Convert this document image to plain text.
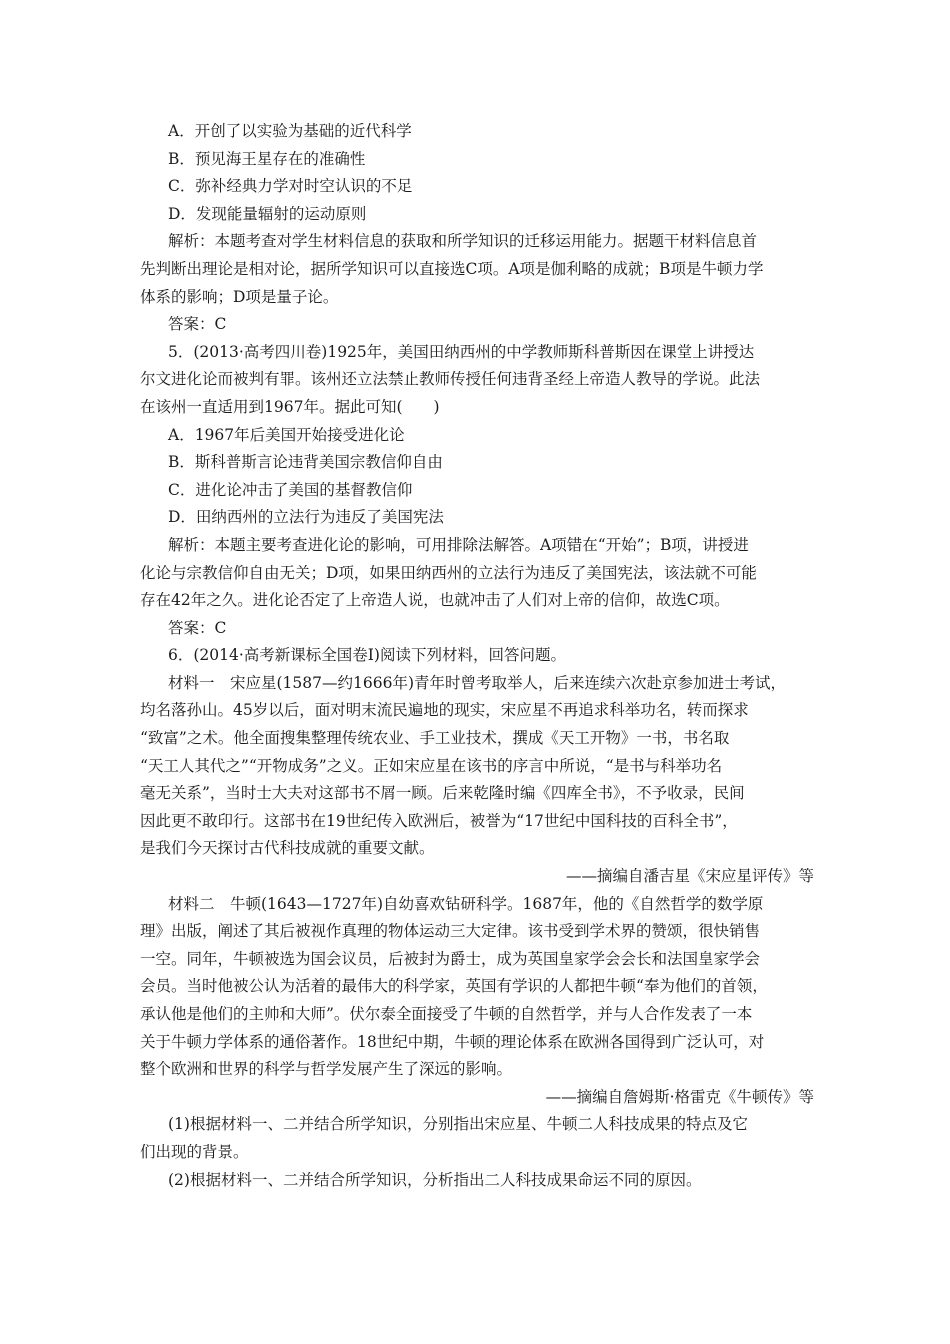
A．开创了以实验为基础的近代科学
B．预见海王星存在的准确性
C．弥补经典力学对时空认识的不足
D．发现能量辐射的运动原则
解析：本题考查对学生材料信息的获取和所学知识的迁移运用能力。据题干材料信息首
先判断出理论是相对论，据所学知识可以直接选C项。A项是伽利略的成就；B项是牛顿力学
体系的影响；D项是量子论。
答案：C
5．(2013·高考四川卷)1925年，美国田纳西州的中学教师斯科普斯因在课堂上讲授达
尔文进化论而被判有罪。该州还立法禁止教师传授任何违背圣经上帝造人教导的学说。此法
在该州一直适用到1967年。据此可知(　　)
A．1967年后美国开始接受进化论
B．斯科普斯言论违背美国宗教信仰自由
C．进化论冲击了美国的基督教信仰
D．田纳西州的立法行为违反了美国宪法
解析：本题主要考查进化论的影响，可用排除法解答。A项错在“开始”；B项，讲授进
化论与宗教信仰自由无关；D项，如果田纳西州的立法行为违反了美国宪法，该法就不可能
存在42年之久。进化论否定了上帝造人说，也就冲击了人们对上帝的信仰，故选C项。
答案：C
6．(2014·高考新课标全国卷Ⅰ)阅读下列材料，回答问题。
材料一　宋应星(1587—约1666年)青年时曾考取举人，后来连续六次赴京参加进士考试，
均名落孙山。45岁以后，面对明末流民遍地的现实，宋应星不再追求科举功名，转而探求
“致富”之术。他全面搜集整理传统农业、手工业技术，撰成《天工开物》一书，书名取
“天工人其代之”“开物成务”之义。正如宋应星在该书的序言中所说，“是书与科举功名
毫无关系”，当时士大夫对这部书不屑一顾。后来乾隆时编《四库全书》，不予收录，民间
因此更不敢印行。这部书在19世纪传入欧洲后，被誉为“17世纪中国科技的百科全书”，
是我们今天探讨古代科技成就的重要文献。
——摘编自潘吉星《宋应星评传》等
材料二　牛顿(1643—1727年)自幼喜欢钻研科学。1687年，他的《自然哲学的数学原
理》出版，阐述了其后被视作真理的物体运动三大定律。该书受到学术界的赞颂，很快销售
一空。同年，牛顿被选为国会议员，后被封为爵士，成为英国皇家学会会长和法国皇家学会
会员。当时他被公认为活着的最伟大的科学家，英国有学识的人都把牛顿“奉为他们的首领，
承认他是他们的主帅和大师”。伏尔泰全面接受了牛顿的自然哲学，并与人合作发表了一本
关于牛顿力学体系的通俗著作。18世纪中期，牛顿的理论体系在欧洲各国得到广泛认可，对
整个欧洲和世界的科学与哲学发展产生了深远的影响。
——摘编自詹姆斯·格雷克《牛顿传》等
(1)根据材料一、二并结合所学知识，分别指出宋应星、牛顿二人科技成果的特点及它
们出现的背景。
(2)根据材料一、二并结合所学知识，分析指出二人科技成果命运不同的原因。
